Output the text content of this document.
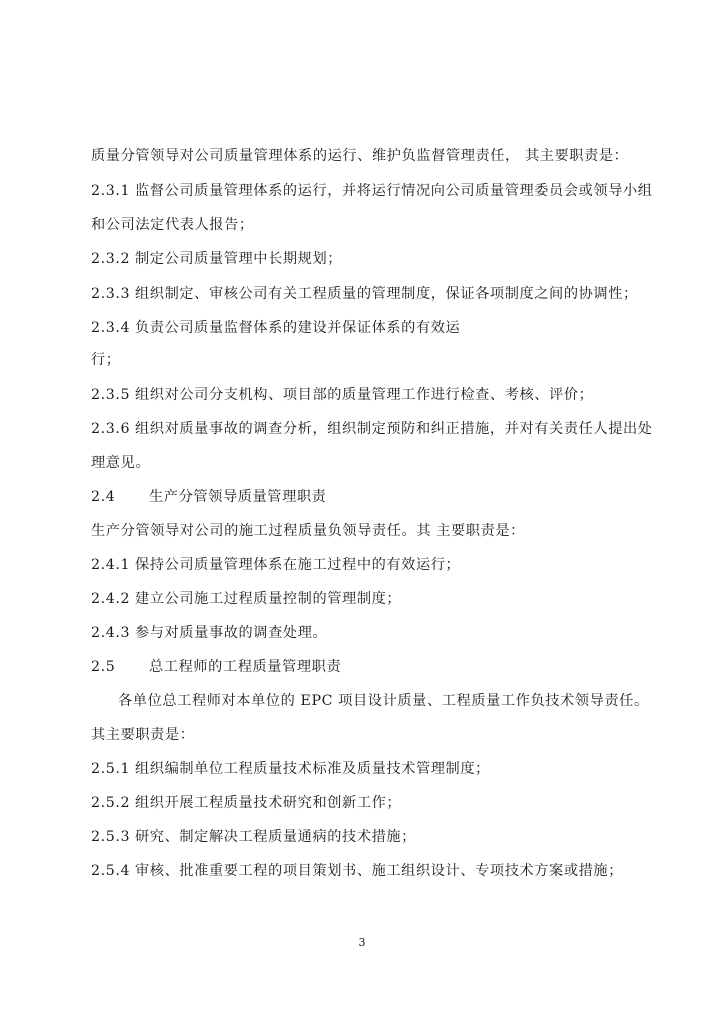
质量分管领导对公司质量管理体系的运行、维护负监督管理责任， 其主要职责是：
2.3.1 监督公司质量管理体系的运行，并将运行情况向公司质量管理委员会或领导小组
和公司法定代表人报告；
2.3.2 制定公司质量管理中长期规划；
2.3.3 组织制定、审核公司有关工程质量的管理制度，保证各项制度之间的协调性；
2.3.4 负责公司质量监督体系的建设并保证体系的有效运
行；
2.3.5 组织对公司分支机构、项目部的质量管理工作进行检查、考核、评价；
2.3.6 组织对质量事故的调查分析，组织制定预防和纠正措施，并对有关责任人提出处
理意见。
2.4 生产分管领导质量管理职责
生产分管领导对公司的施工过程质量负领导责任。其 主要职责是：
2.4.1 保持公司质量管理体系在施工过程中的有效运行；
2.4.2 建立公司施工过程质量控制的管理制度；
2.4.3 参与对质量事故的调查处理。
2.5 总工程师的工程质量管理职责
各单位总工程师对本单位的 EPC 项目设计质量、工程质量工作负技术领导责任。
其主要职责是：
2.5.1 组织编制单位工程质量技术标准及质量技术管理制度；
2.5.2 组织开展工程质量技术研究和创新工作；
2.5.3 研究、制定解决工程质量通病的技术措施；
2.5.4 审核、批准重要工程的项目策划书、施工组织设计、专项技术方案或措施；
3
